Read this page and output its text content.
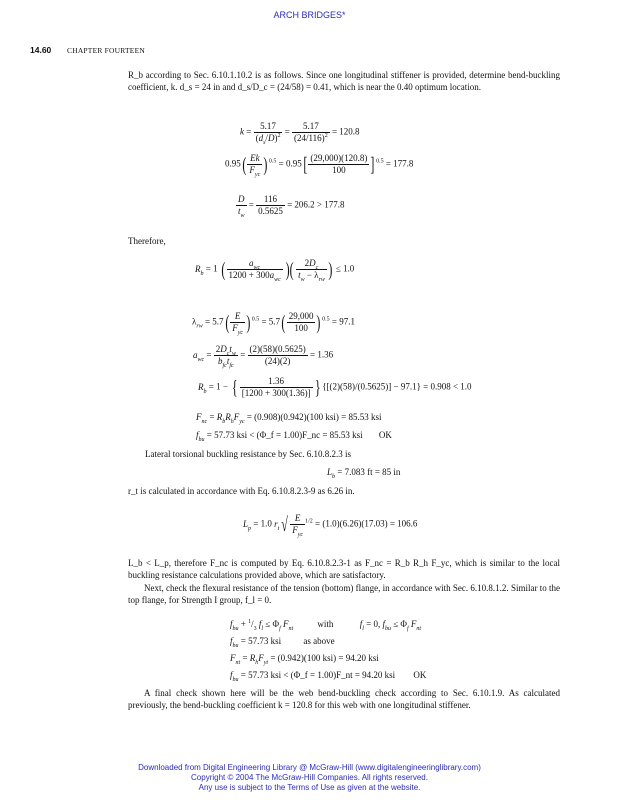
ARCH BRIDGES*
14.60 CHAPTER FOURTEEN

R_b according to Sec. 6.10.1.10.2 is as follows. Since one longitudinal stiffener is provided, determine bend-buckling coefficient, k. d_s = 24 in and d_s/D_c = (24/58) = 0.41, which is near the 0.40 optimum location.

$k = \frac{5.17}{(d_s/D)^2} = \frac{5.17}{(24/116)^2} = 120.8$
$0.95( \frac{Ek}{F_{yc}} )^{0.5} = 0.95[ \frac{(29,000)(120.8)}{100} ]^{0.5} = 177.8$
$\frac{D}{t_w} = \frac{116}{0.5625} = 206.2 > 177.8$
Therefore,
$R_b = 1$ ( $\frac{a_{wc}}{1200 + 300a_{wc}}$ )( $\frac{2D_c}{t_w - \lambda_{rw}}$ ) ≤ 1.0
$\lambda_{rw} = 5.7( \frac{E}{F_{yc}} )^{0.5} = 5.7( \frac{29,000}{100} )^{0.5} = 97.1$
$a_{wc} = \frac{2D_ct_w}{b_{fc}t_{fc}} = \frac{(2)(58)(0.5625)}{(24)(2)} = 1.36$
$R_b = 1$ − { $\frac{1.36}{[1200 + 300(1.36)]}$ } {[(2)(58)/(0.5625)] − 97.1} = 0.908 < 1.0
$F_{nc} = R_bR_hF_{yc} = (0.908)(0.942)(100$ ksi) = 85.53 ksi
$f_{bu} = 57.73$ ksi < (Φ_f = 1.00)F_nc = 85.53 ksi OK
Lateral torsional buckling resistance by Sec. 6.10.8.2.3 is
$L_b = 7.083$ ft = 85 in
r_t is calculated in accordance with Eq. 6.10.8.2.3-9 as 6.26 in.
$L_p = 1.0$ $r_t$ √ $\frac{E}{F_{yc}} ^{1/2} = (1.0)(6.26)(17.03) = 106.6$

L_b < L_p, therefore F_nc is computed by Eq. 6.10.8.2.3-1 as F_nc = R_b R_h F_yc, which is similar to the local buckling resistance calculations provided above, which are satisfactory.

Next, check the flexural resistance of the tension (bottom) flange, in accordance with Sec. 6.10.8.1.2. Similar to the top flange, for Strength I group, f_l = 0.

$f_{bu} + ^1/_3$ $f_l \le \Phi_f$ $F_{nt}$	with	$f_l = 0$, $f_{bu} \le \Phi_f$ $F_{nt}$
$f_{bu} = 57.73$ ksi as above
$F_{nt} = R_hF_{yt} = (0.942)(100$ ksi) = 94.20 ksi
$f_{bu} = 57.73$ ksi < (Φ_f = 1.00)F_nt = 94.20 ksi OK

A final check shown here will be the web bend-buckling check according to Sec. 6.10.1.9. As calculated previously, the bend-buckling coefficient k = 120.8 for this web with one longitudinal stiffener.

Downloaded from Digital Engineering Library @ McGraw-Hill (www.digitalengineeringlibrary.com)
Copyright © 2004 The McGraw-Hill Companies. All rights reserved.
Any use is subject to the Terms of Use as given at the website.
